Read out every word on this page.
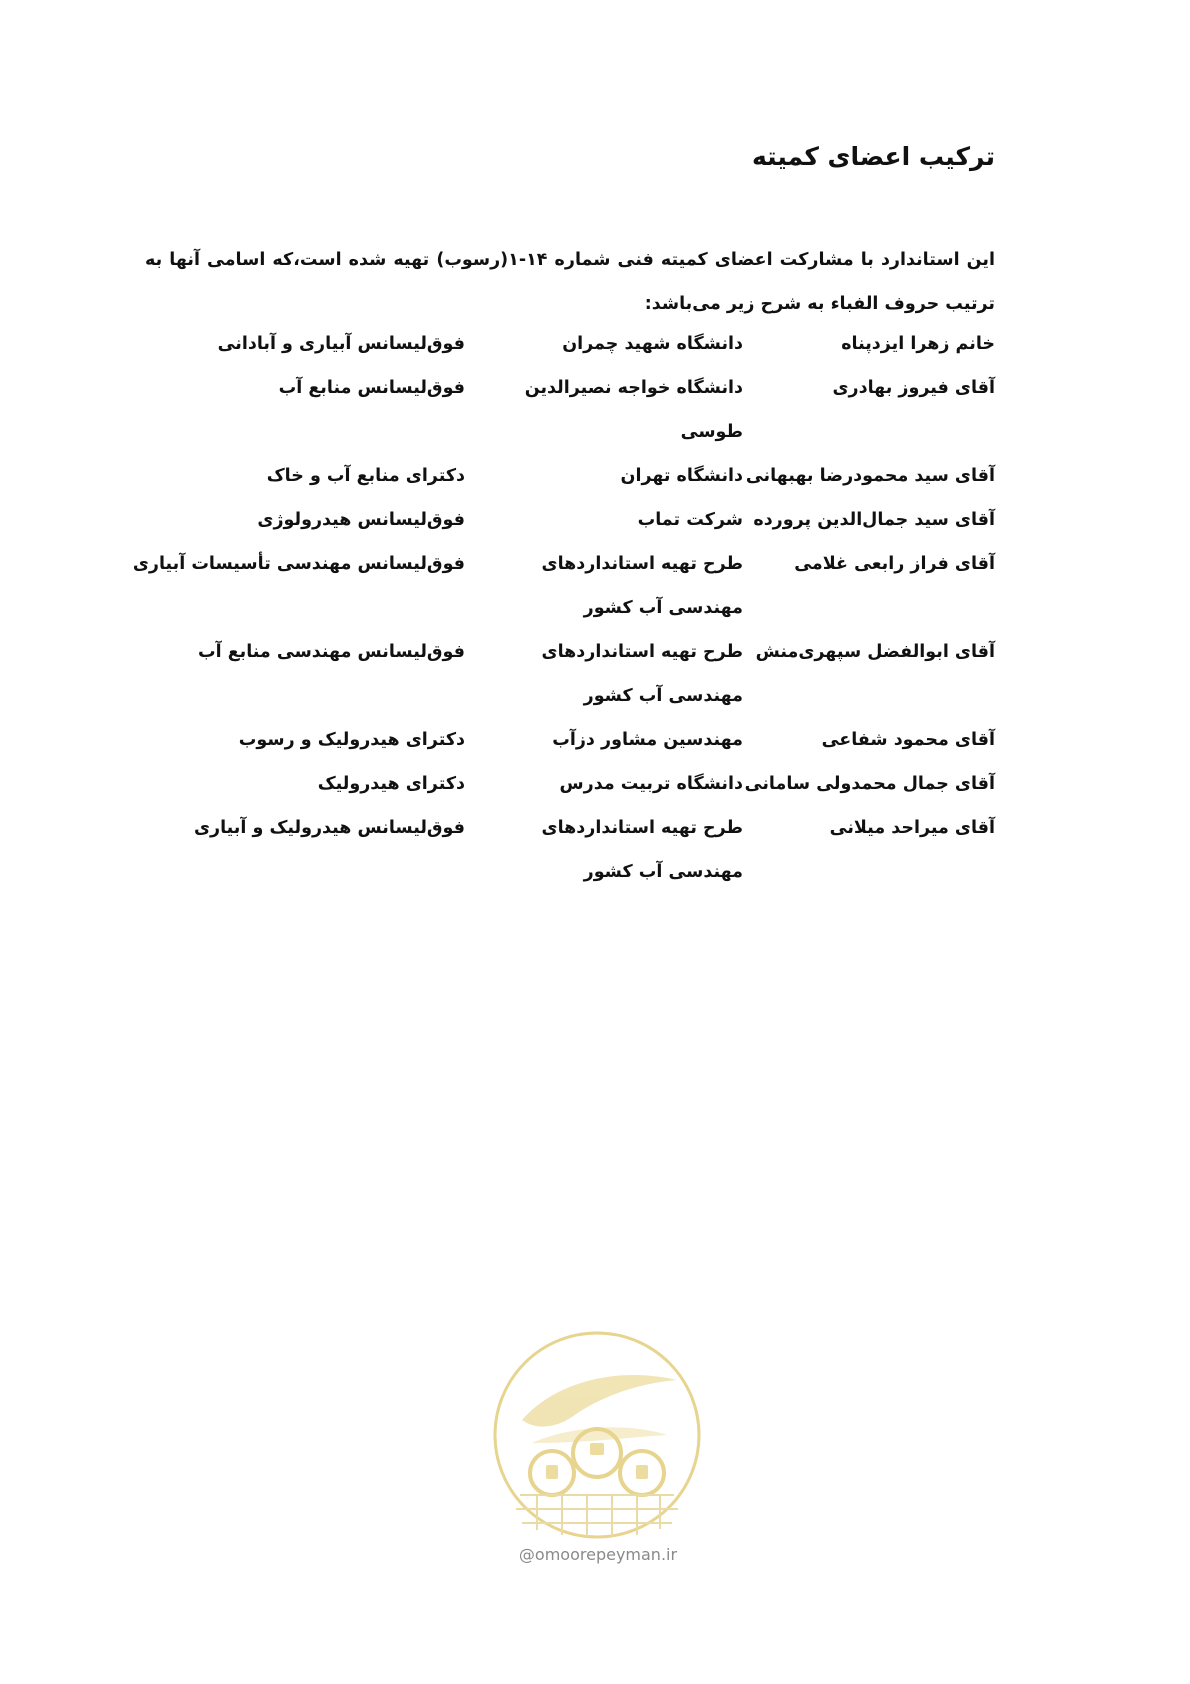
ترکیب اعضای کمیته
این استاندارد با مشارکت اعضای کمیته فنی شماره ۱۴-۱(رسوب) تهیه شده است،که اسامی آنها به ترتیب حروف الفباء به شرح زیر می‌باشد:
خانم زهرا ایزدپناه
دانشگاه شهید چمران
فوق‌لیسانس آبیاری و آبادانی
آقای فیروز بهادری
دانشگاه خواجه نصیرالدین طوسی
فوق‌لیسانس منابع آب
آقای سید محمودرضا بهبهانی
دانشگاه تهران
دکترای منابع آب و خاک
آقای سید جمال‌الدین پرورده
شرکت تماب
فوق‌لیسانس هیدرولوژی
آقای فراز رابعی غلامی
طرح تهیه استانداردهای مهندسی آب کشور
فوق‌لیسانس مهندسی تأسیسات آبیاری
آقای ابوالفضل سپهری‌منش
طرح تهیه استانداردهای مهندسی آب کشور
فوق‌لیسانس مهندسی منابع آب
آقای محمود شفاعی
مهندسین مشاور دزآب
دکترای هیدرولیک و رسوب
آقای جمال محمدولی سامانی
دانشگاه تربیت مدرس
دکترای هیدرولیک
آقای میراحد میلانی
طرح تهیه استانداردهای مهندسی آب کشور
فوق‌لیسانس هیدرولیک و آبیاری
@omoorepeyman.ir
